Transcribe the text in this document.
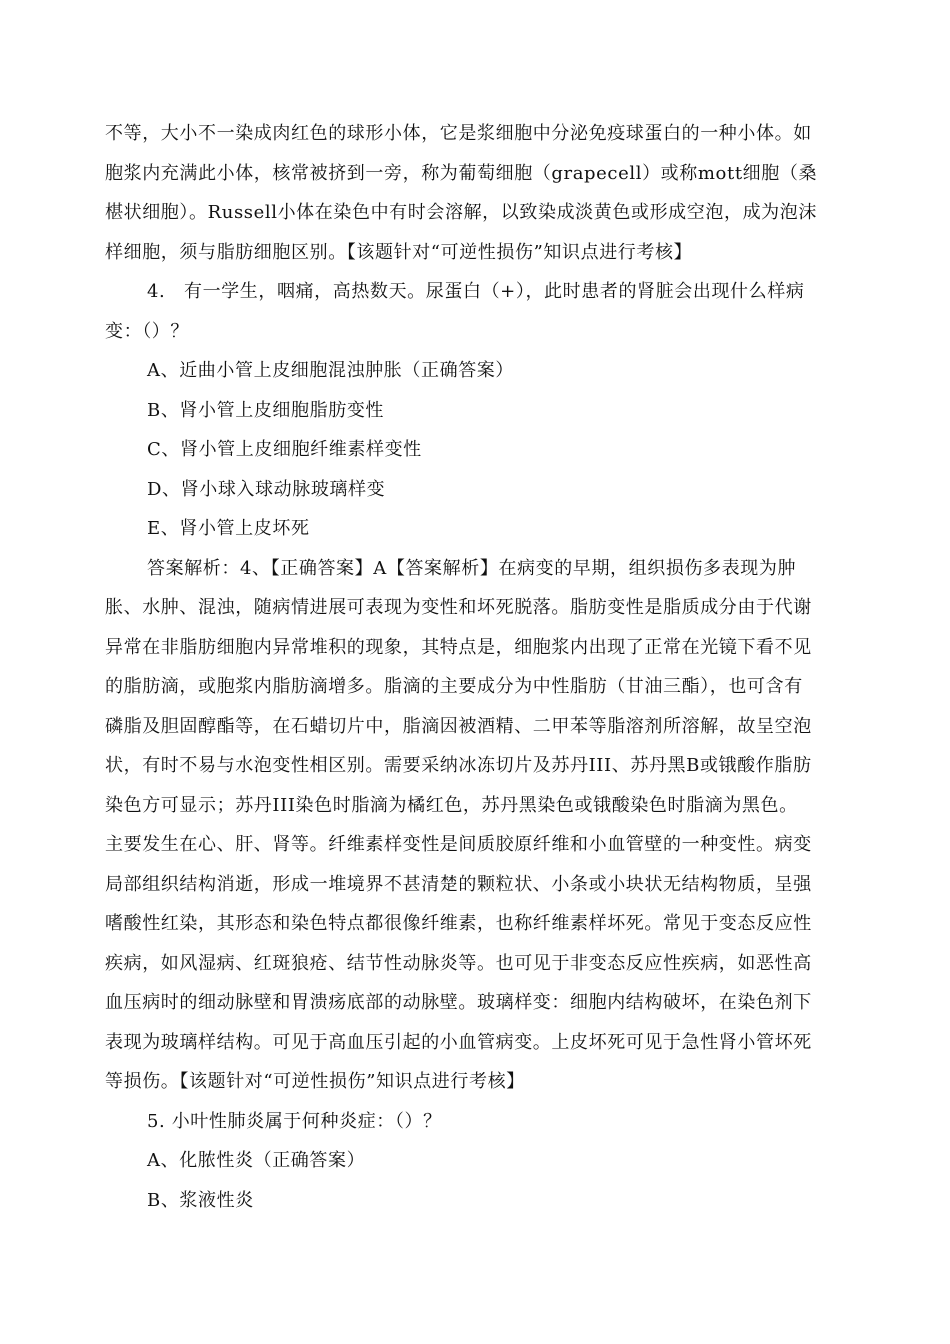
不等，大小不一染成肉红色的球形小体，它是浆细胞中分泌免疫球蛋白的一种小体。如
胞浆内充满此小体，核常被挤到一旁，称为葡萄细胞（grapecell）或称mott细胞（桑
椹状细胞）。Russell小体在染色中有时会溶解，以致染成淡黄色或形成空泡，成为泡沫
样细胞，须与脂肪细胞区别。【该题针对“可逆性损伤”知识点进行考核】
4.　有一学生，咽痛，高热数天。尿蛋白（+），此时患者的肾脏会出现什么样病
变：（）？
A、近曲小管上皮细胞混浊肿胀（正确答案）
B、肾小管上皮细胞脂肪变性
C、肾小管上皮细胞纤维素样变性
D、肾小球入球动脉玻璃样变
E、肾小管上皮坏死
答案解析：4、【正确答案】A【答案解析】在病变的早期，组织损伤多表现为肿
胀、水肿、混浊，随病情进展可表现为变性和坏死脱落。脂肪变性是脂质成分由于代谢
异常在非脂肪细胞内异常堆积的现象，其特点是，细胞浆内出现了正常在光镜下看不见
的脂肪滴，或胞浆内脂肪滴增多。脂滴的主要成分为中性脂肪（甘油三酯），也可含有
磷脂及胆固醇酯等，在石蜡切片中，脂滴因被酒精、二甲苯等脂溶剂所溶解，故呈空泡
状，有时不易与水泡变性相区别。需要采纳冰冻切片及苏丹III、苏丹黑B或锇酸作脂肪
染色方可显示；苏丹III染色时脂滴为橘红色，苏丹黑染色或锇酸染色时脂滴为黑色。
主要发生在心、肝、肾等。纤维素样变性是间质胶原纤维和小血管壁的一种变性。病变
局部组织结构消逝，形成一堆境界不甚清楚的颗粒状、小条或小块状无结构物质，呈强
嗜酸性红染，其形态和染色特点都很像纤维素，也称纤维素样坏死。常见于变态反应性
疾病，如风湿病、红斑狼疮、结节性动脉炎等。也可见于非变态反应性疾病，如恶性高
血压病时的细动脉壁和胃溃疡底部的动脉壁。玻璃样变：细胞内结构破坏，在染色剂下
表现为玻璃样结构。可见于高血压引起的小血管病变。上皮坏死可见于急性肾小管坏死
等损伤。【该题针对“可逆性损伤”知识点进行考核】
5. 小叶性肺炎属于何种炎症：（）？
A、化脓性炎（正确答案）
B、浆液性炎
